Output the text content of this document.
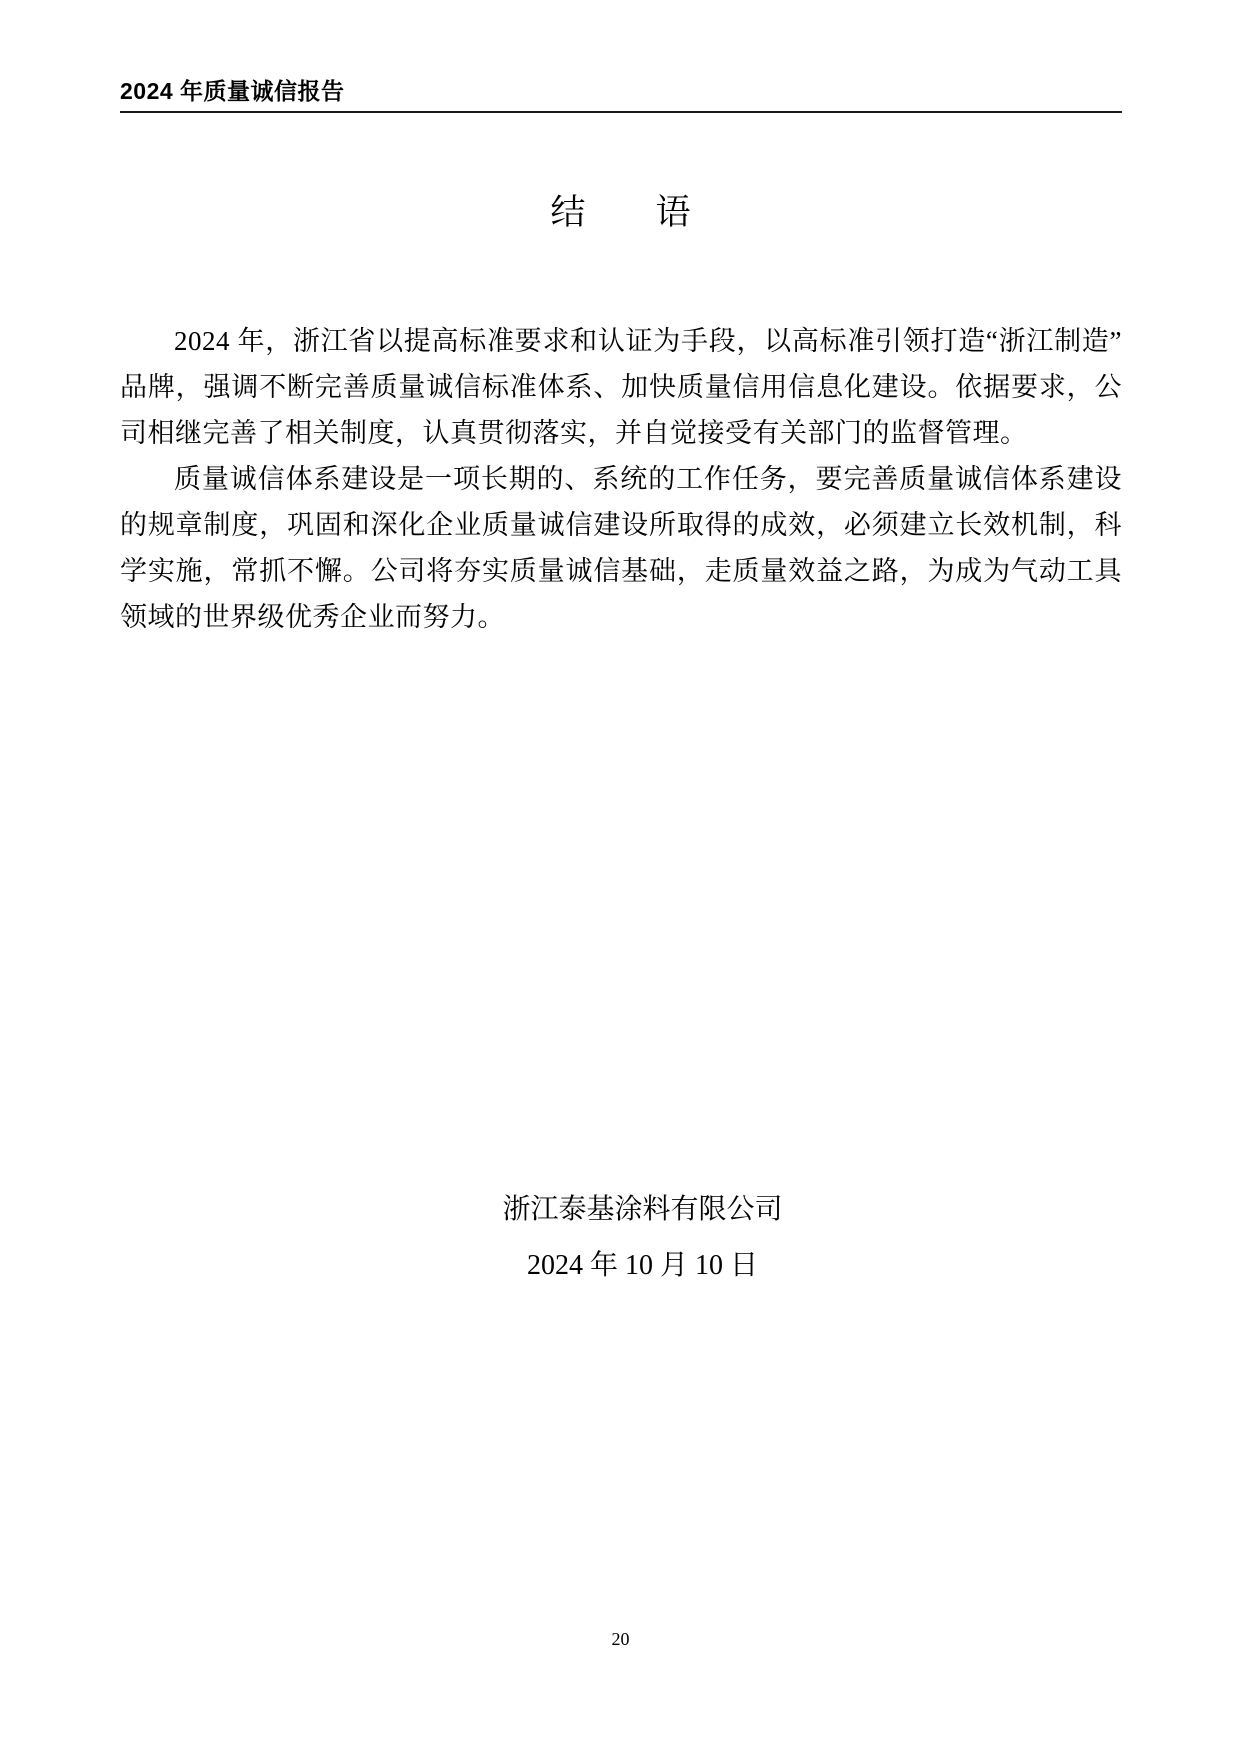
2024 年质量诚信报告
结　　语

2024 年，浙江省以提高标准要求和认证为手段，以高标准引领打造“浙江制造”品牌，强调不断完善质量诚信标准体系、加快质量信用信息化建设。依据要求，公司相继完善了相关制度，认真贯彻落实，并自觉接受有关部门的监督管理。

质量诚信体系建设是一项长期的、系统的工作任务，要完善质量诚信体系建设的规章制度，巩固和深化企业质量诚信建设所取得的成效，必须建立长效机制，科学实施，常抓不懈。公司将夯实质量诚信基础，走质量效益之路，为成为气动工具领域的世界级优秀企业而努力。

浙江泰基涂料有限公司

2024 年 10 月 10 日

20
